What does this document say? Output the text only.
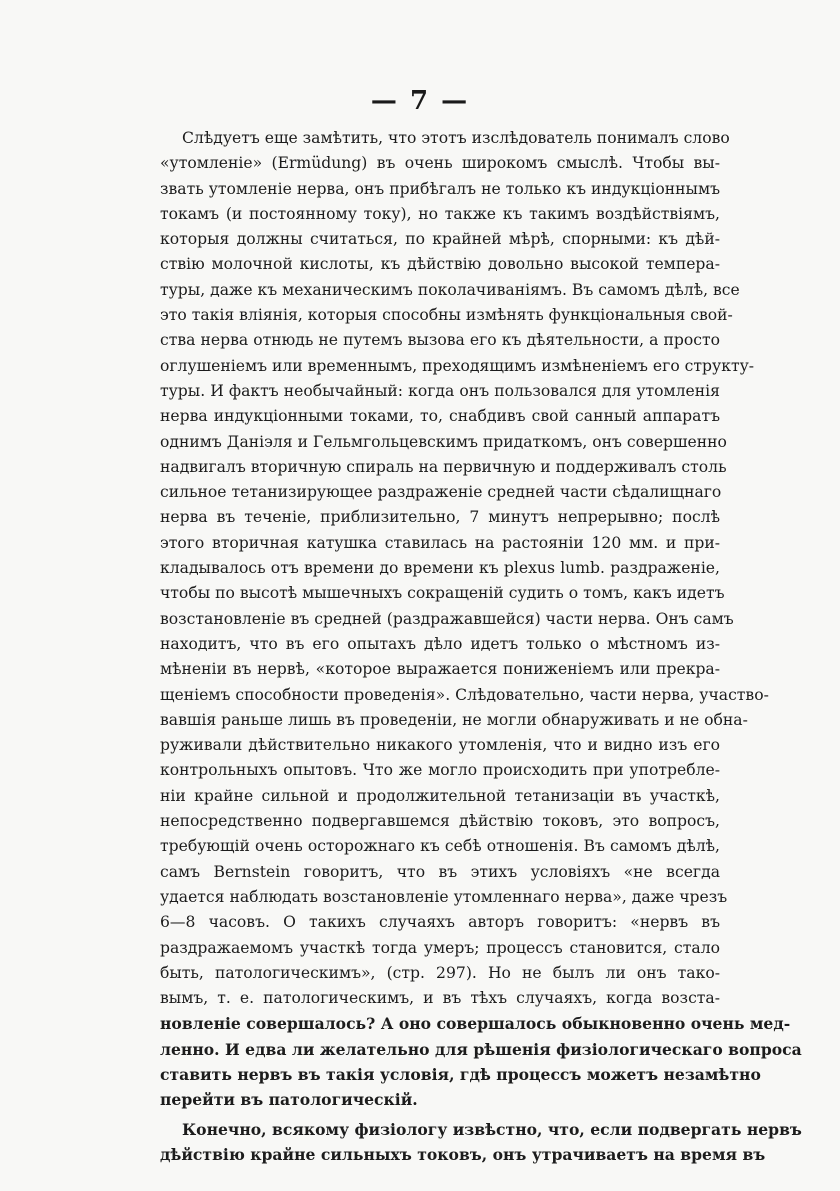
— 7 —
Слѣдуетъ еще замѣтить, что этотъ изслѣдователь понималъ слово
«утомленіе» (Ermüdung) въ очень широкомъ смыслѣ. Чтобы вы-
звать утомленіе нерва, онъ прибѣгалъ не только къ индукціоннымъ
токамъ (и постоянному току), но также къ такимъ воздѣйствіямъ,
которыя должны считаться, по крайней мѣрѣ, спорными: къ дѣй-
ствію молочной кислоты, къ дѣйствію довольно высокой темпера-
туры, даже къ механическимъ поколачиваніямъ. Въ самомъ дѣлѣ, все
это такія вліянія, которыя способны измѣнять функціональныя свой-
ства нерва отнюдь не путемъ вызова его къ дѣятельности, а просто
оглушеніемъ или временнымъ, преходящимъ измѣненіемъ его структу-
туры. И фактъ необычайный: когда онъ пользовался для утомленія
нерва индукціонными токами, то, снабдивъ свой санный аппаратъ
однимъ Даніэля и Гельмгольцевскимъ придаткомъ, онъ совершенно
надвигалъ вторичную спираль на первичную и поддерживалъ столь
сильное тетанизирующее раздраженіе средней части сѣдалищнаго
нерва въ теченіе, приблизительно, 7 минутъ непрерывно; послѣ
этого вторичная катушка ставилась на растояніи 120 мм. и при-
кладывалось отъ времени до времени къ plexus lumb. раздраженіе,
чтобы по высотѣ мышечныхъ сокращеній судить о томъ, какъ идетъ
возстановленіе въ средней (раздражавшейся) части нерва. Онъ самъ
находитъ, что въ его опытахъ дѣло идетъ только о мѣстномъ из-
мѣненіи въ нервѣ, «которое выражается пониженіемъ или прекра-
щеніемъ способности проведенія». Слѣдовательно, части нерва, участво-
вавшія раньше лишь въ проведеніи, не могли обнаруживать и не обна-
руживали дѣйствительно никакого утомленія, что и видно изъ его
контрольныхъ опытовъ. Что же могло происходить при употребле-
ніи крайне сильной и продолжительной тетанизаціи въ участкѣ,
непосредственно подвергавшемся дѣйствію токовъ, это вопросъ,
требующій очень осторожнаго къ себѣ отношенія. Въ самомъ дѣлѣ,
самъ Bernstein говоритъ, что въ этихъ условіяхъ «не всегда
удается наблюдать возстановленіе утомленнаго нерва», даже чрезъ
6—8 часовъ. О такихъ случаяхъ авторъ говоритъ: «нервъ въ
раздражаемомъ участкѣ тогда умеръ; процессъ становится, стало
быть, патологическимъ», (стр. 297). Но не былъ ли онъ тако-
вымъ, т. е. патологическимъ, и въ тѣхъ случаяхъ, когда возста-
новленіе совершалось? А оно совершалось обыкновенно очень мед-
ленно. И едва ли желательно для рѣшенія физіологическаго вопроса
ставить нервъ въ такія условія, гдѣ процессъ можетъ незамѣтно
перейти въ патологическій.
Конечно, всякому физіологу извѣстно, что, если подвергать нервъ
дѣйствію крайне сильныхъ токовъ, онъ утрачиваетъ на время въ
